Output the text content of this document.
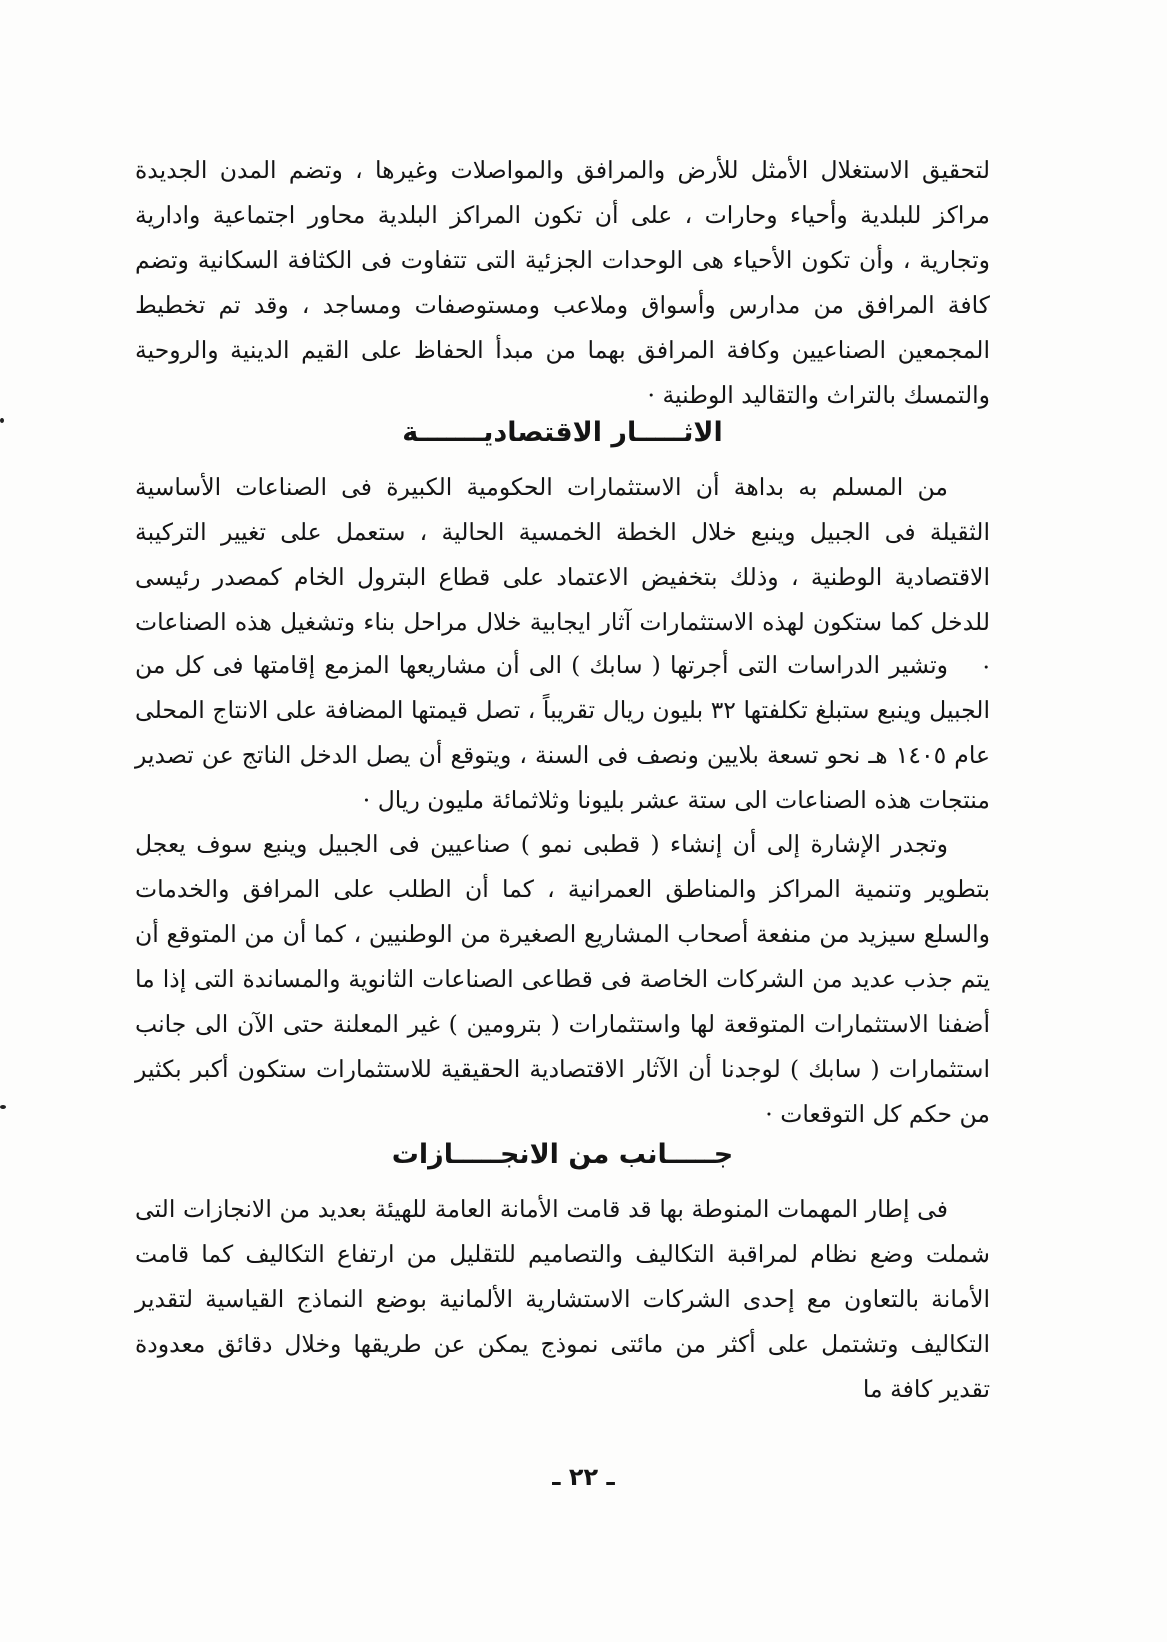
لتحقيق الاستغلال الأمثل للأرض والمرافق والمواصلات وغيرها ، وتضم المدن الجديدة مراكز للبلدية وأحياء وحارات ، على أن تكون المراكز البلدية محاور اجتماعية وادارية وتجارية ، وأن تكون الأحياء هى الوحدات الجزئية التى تتفاوت فى الكثافة السكانية وتضم كافة المرافق من مدارس وأسواق وملاعب ومستوصفات ومساجد ، وقد تم تخطيط المجمعين الصناعيين وكافة المرافق بهما من مبدأ الحفاظ على القيم الدينية والروحية والتمسك بالتراث والتقاليد الوطنية ·

الاثـــــار الاقتصاديـــــــة

من المسلم به بداهة أن الاستثمارات الحكومية الكبيرة فى الصناعات الأساسية الثقيلة فى الجبيل وينبع خلال الخطة الخمسية الحالية ، ستعمل على تغيير التركيبة الاقتصادية الوطنية ، وذلك بتخفيض الاعتماد على قطاع البترول الخام كمصدر رئيسى للدخل كما ستكون لهذه الاستثمارات آثار ايجابية خلال مراحل بناء وتشغيل هذه الصناعات ·

وتشير الدراسات التى أجرتها ( سابك ) الى أن مشاريعها المزمع إقامتها فى كل من الجبيل وينبع ستبلغ تكلفتها ٣٢ بليون ريال تقريباً ، تصل قيمتها المضافة على الانتاج المحلى عام ١٤٠٥ هـ نحو تسعة بلايين ونصف فى السنة ، ويتوقع أن يصل الدخل الناتج عن تصدير منتجات هذه الصناعات الى ستة عشر بليونا وثلاثمائة مليون ريال ·

وتجدر الإشارة إلى أن إنشاء ( قطبى نمو ) صناعيين فى الجبيل وينبع سوف يعجل بتطوير وتنمية المراكز والمناطق العمرانية ، كما أن الطلب على المرافق والخدمات والسلع سيزيد من منفعة أصحاب المشاريع الصغيرة من الوطنيين ، كما أن من المتوقع أن يتم جذب عديد من الشركات الخاصة فى قطاعى الصناعات الثانوية والمساندة التى إذا ما أضفنا الاستثمارات المتوقعة لها واستثمارات ( بترومين ) غير المعلنة حتى الآن الى جانب استثمارات ( سابك ) لوجدنا أن الآثار الاقتصادية الحقيقية للاستثمارات ستكون أكبر بكثير من حكم كل التوقعات ·

جـــــانب من الانجـــــازات

فى إطار المهمات المنوطة بها قد قامت الأمانة العامة للهيئة بعديد من الانجازات التى شملت وضع نظام لمراقبة التكاليف والتصاميم للتقليل من ارتفاع التكاليف كما قامت الأمانة بالتعاون مع إحدى الشركات الاستشارية الألمانية بوضع النماذج القياسية لتقدير التكاليف وتشتمل على أكثر من مائتى نموذج يمكن عن طريقها وخلال دقائق معدودة تقدير كافة ما

ـ ٢٢ ـ
